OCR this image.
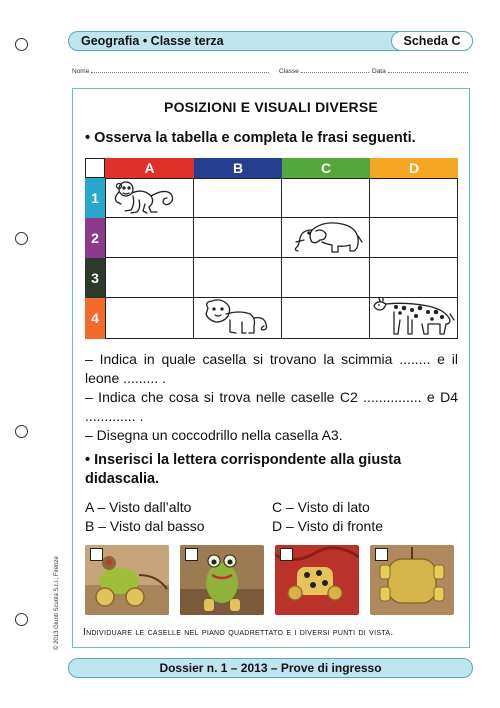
Geografia • Classe terza	Scheda C
Nome	Classe	Data
POSIZIONI E VISUALI DIVERSE
• Osserva la tabella e completa le frasi seguenti.
A	B	C	D
1
2
3
4
– Indica in quale casella si trovano la scimmia ........ e il leone ......... .
– Indica che cosa si trova nelle caselle C2 ............... e D4 ............. .
– Disegna un coccodrillo nella casella A3.
• Inserisci la lettera corrispondente alla giusta didascalia.
A – Visto dall’alto
B – Visto dal basso
C – Visto di lato
D – Visto di fronte
Individuare le caselle nel piano quadrettato e i diversi punti di vista.
© 2013 Giunti Scuola S.r.l., Firenze
Dossier n. 1 – 2013 – Prove di ingresso
